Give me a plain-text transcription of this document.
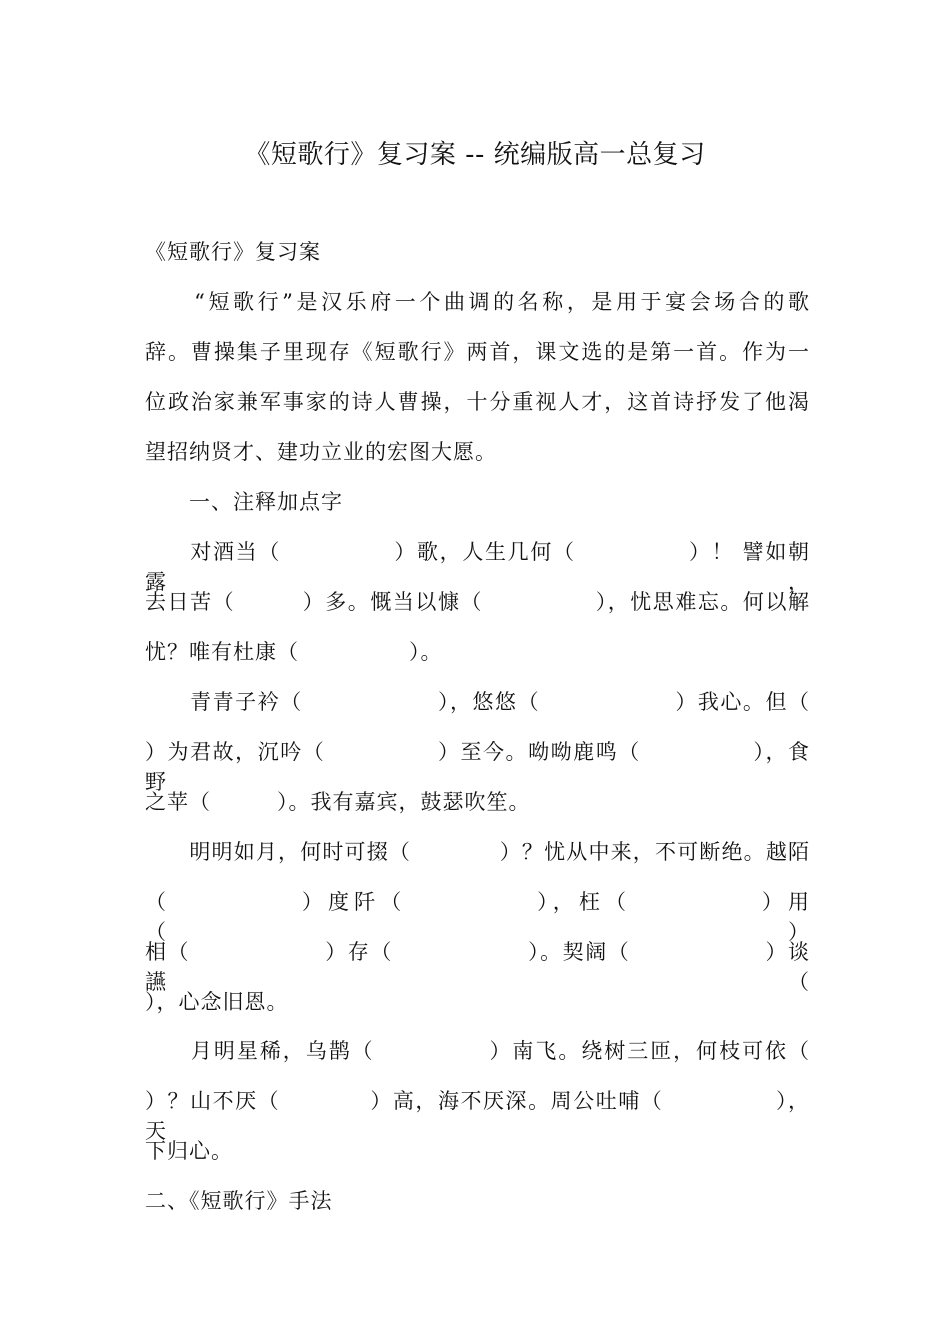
《短歌行》复习案 -- 统编版高一总复习
《短歌行》复习案
　　“短歌行”是汉乐府一个曲调的名称，是用于宴会场合的歌
辞。曹操集子里现存《短歌行》两首，课文选的是第一首。作为一
位政治家兼军事家的诗人曹操，十分重视人才，这首诗抒发了他渴
望招纳贤才、建功立业的宏图大愿。
　　一、注释加点字
　　对酒当（　　　　　）歌，人生几何（　　　　　）！ 譬如朝露，
去日苦（　　　）多。慨当以慷（　　　　　），忧思难忘。何以解
忧？唯有杜康（　　　　　）。
　　青青子衿（　　　　　　），悠悠（　　　　　　）我心。但（
）为君故，沉吟（　　　　　）至今。呦呦鹿鸣（　　　　　），食野
之苹（　　　）。我有嘉宾，鼓瑟吹笙。
　　明明如月，何时可掇（　　　　）？忧从中来，不可断绝。越陌
（　　　　　）度阡（　　　　　），枉（　　　　　）用（　　　　　）
相（　　　　　　）存（　　　　　　）。契阔（　　　　　　）谈讌（
），心念旧恩。
　　月明星稀，乌鹊（　　　　　）南飞。绕树三匝，何枝可依（
）？山不厌（　　　　）高，海不厌深。周公吐哺（　　　　　），天
下归心。
二、《短歌行》手法
